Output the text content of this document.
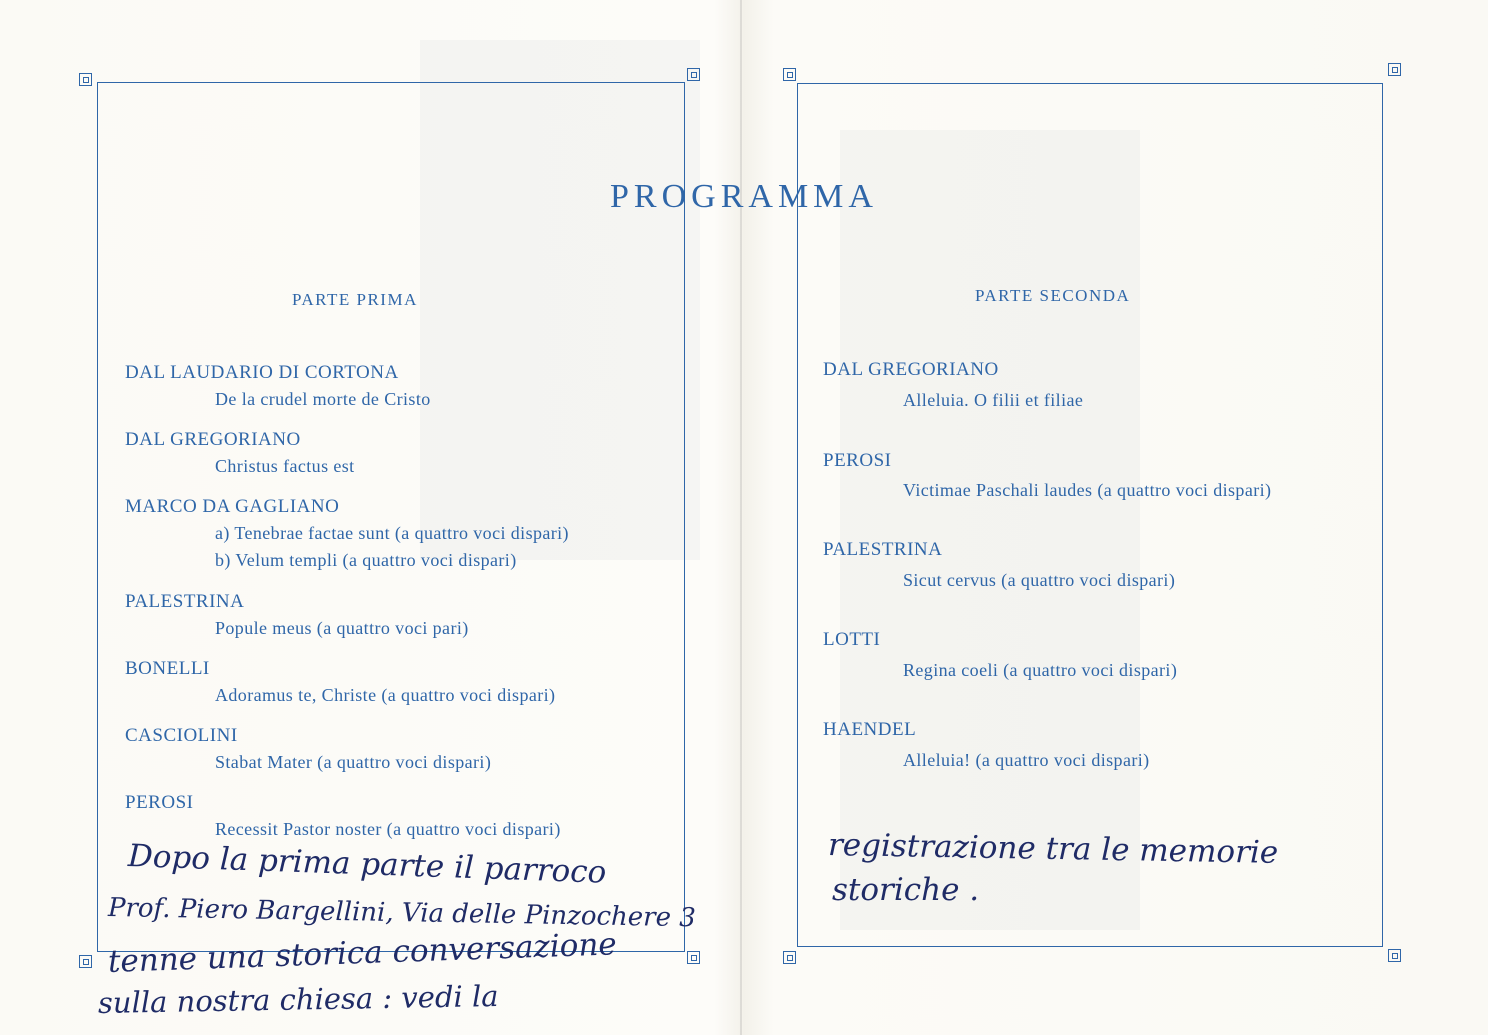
PROGRAMMA
PARTE PRIMA
DAL LAUDARIO DI CORTONA
De la crudel morte de Cristo
DAL GREGORIANO
Christus factus est
MARCO DA GAGLIANO
a) Tenebrae factae sunt (a quattro voci dispari)
b) Velum templi (a quattro voci dispari)
PALESTRINA
Popule meus (a quattro voci pari)
BONELLI
Adoramus te, Christe (a quattro voci dispari)
CASCIOLINI
Stabat Mater (a quattro voci dispari)
PEROSI
Recessit Pastor noster (a quattro voci dispari)
PARTE SECONDA
DAL GREGORIANO
Alleluia. O filii et filiae
PEROSI
Victimae Paschali laudes (a quattro voci dispari)
PALESTRINA
Sicut cervus (a quattro voci dispari)
LOTTI
Regina coeli (a quattro voci dispari)
HAENDEL
Alleluia! (a quattro voci dispari)
Dopo la prima parte il parroco
Prof. Piero Bargellini, Via delle Pinzochere 3
tenne una storica conversazione
sulla nostra chiesa : vedi la
registrazione tra le memorie
storiche .
